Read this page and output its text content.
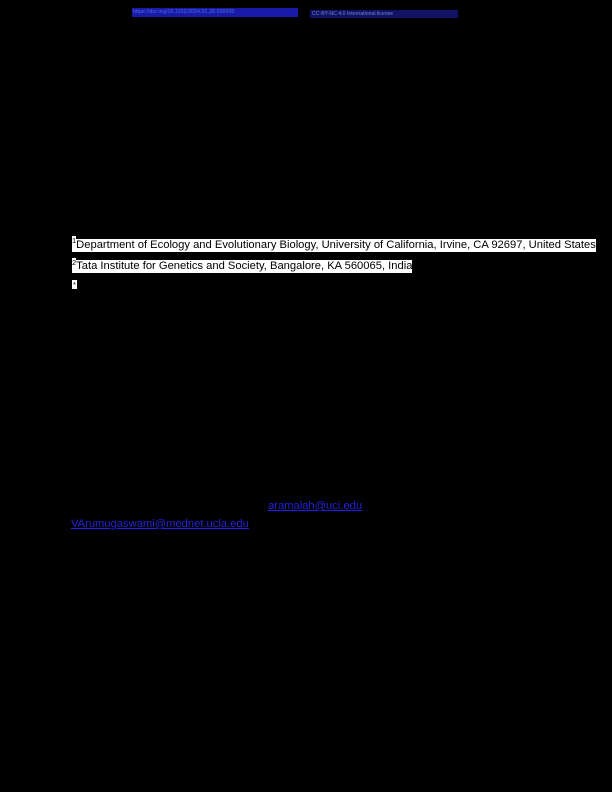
https://doi.org/10.1101/2024.01.28.000000	CC-BY-NC 4.0 International license
$^1$Department of Ecology and Evolutionary Biology, University of California, Irvine, CA 92697, United States
$^2$Tata Institute for Genetics and Society, Bangalore, KA 560065, India
*
aramalah@uci.edu
VArumugaswami@mednet.ucla.edu
